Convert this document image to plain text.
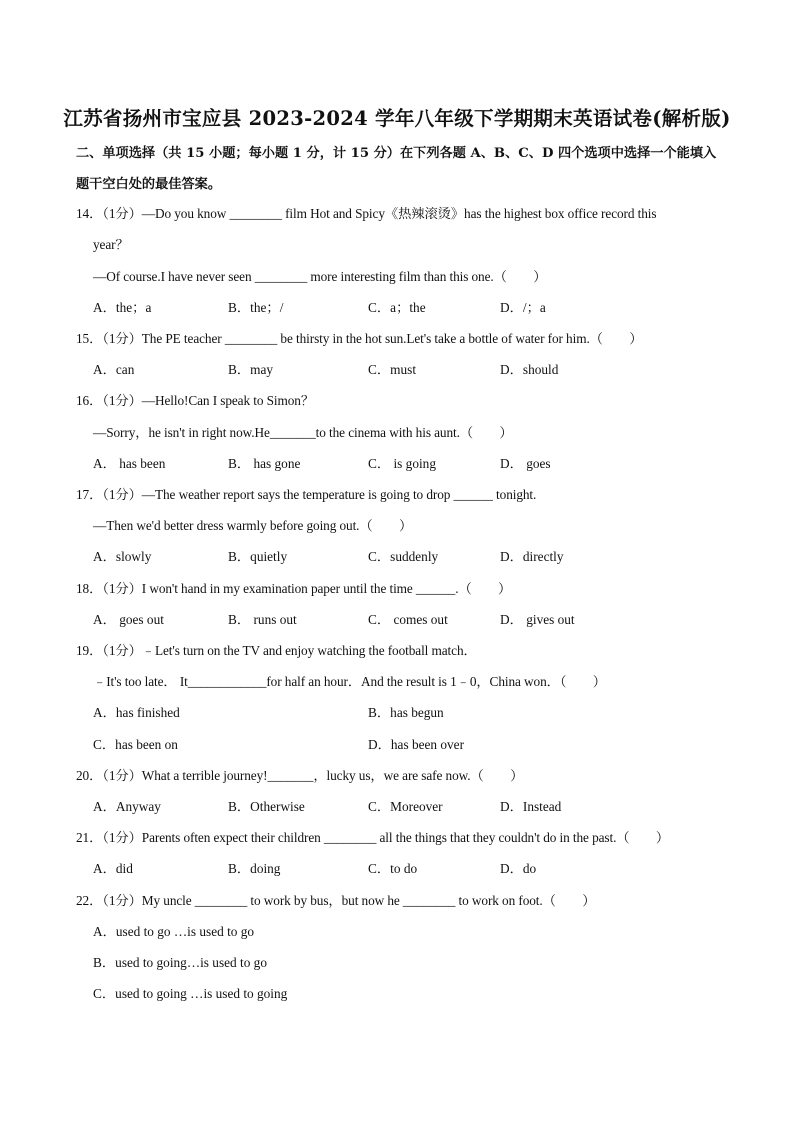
江苏省扬州市宝应县 2023-2024 学年八年级下学期期末英语试卷(解析版)
二、单项选择（共 15 小题；每小题 1 分，计 15 分）在下列各题 A、B、C、D 四个选项中选择一个能填入题干空白处的最佳答案。
14．（1分）—Do you know ________ film Hot and Spicy《热辣滚烫》has the highest box office record this
year？
—Of course.I have never seen ________ more interesting film than this one.（　　）
A．the；a	B．the；/	C．a；the	D．/；a
15．（1分）The PE teacher ________ be thirsty in the hot sun.Let's take a bottle of water for him.（　　）
A．can	B．may	C．must	D．should
16．（1分）—Hello!Can I speak to Simon？
—Sorry，he isn't in right now.He_______to the cinema with his aunt.（　　）
A． has been	B． has gone	C． is going	D． goes
17．（1分）—The weather report says the temperature is going to drop ______ tonight.
—Then we'd better dress warmly before going out.（　　）
A．slowly	B．quietly	C．suddenly	D．directly
18．（1分）I won't hand in my examination paper until the time ______.（　　）
A． goes out	B． runs out	C． comes out	D． gives out
19．（1分）﹣Let's turn on the TV and enjoy watching the football match．
﹣It's too late． It____________for half an hour．And the result is 1﹣0，China won．（　　）
A．has finished	B．has begun
C．has been on	D．has been over
20．（1分）What a terrible journey!_______，lucky us，we are safe now.（　　）
A．Anyway	B．Otherwise	C．Moreover	D．Instead
21．（1分）Parents often expect their children ________ all the things that they couldn't do in the past.（　　）
A．did	B．doing	C．to do	D．do
22．（1分）My uncle ________ to work by bus，but now he ________ to work on foot.（　　）
A．used to go …is used to go
B．used to going…is used to go
C．used to going …is used to going
